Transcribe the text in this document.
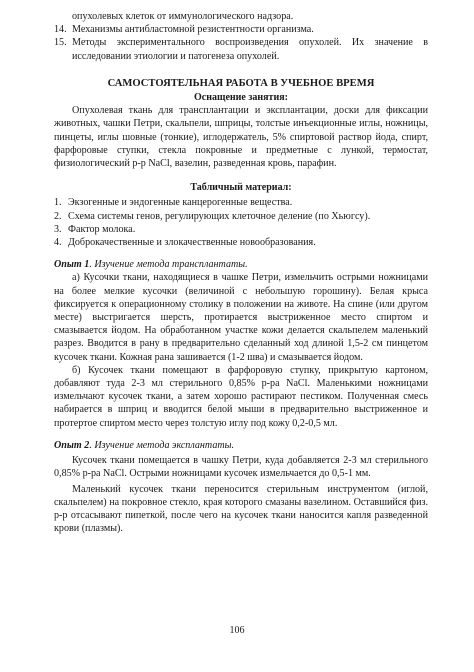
опухолевых клеток от иммунологического надзора.

14. Механизмы антибластомной резистентности организма.
15. Методы экспериментального воспроизведения опухолей. Их значение в исследовании этиологии и патогенеза опухолей.

САМОСТОЯТЕЛЬНАЯ РАБОТА В УЧЕБНОЕ ВРЕМЯ

Оснащение занятия:

Опухолевая ткань для трансплантации и эксплантации, доски для фиксации животных, чашки Петри, скальпели, шприцы, толстые инъекционные иглы, ножницы, пинцеты, иглы шовные (тонкие), иглодержатель, 5% спиртовой раствор йода, спирт, фарфоровые ступки, стекла покровные и предметные с лункой, термостат, физиологический р-р NaCl, вазелин, разведенная кровь, парафин.

Табличный материал:

1. Экзогенные и эндогенные канцерогенные вещества.
2. Схема системы генов, регулирующих клеточное деление (по Хьюгсу).
3. Фактор молока.
4. Доброкачественные и злокачественные новообразования.

Опыт 1. Изучение метода трансплантаты.

а) Кусочки ткани, находящиеся в чашке Петри, измельчить острыми ножницами на более мелкие кусочки (величиной с небольшую горошину). Белая крыса фиксируется к операционному столику в положении на животе. На спине (или другом месте) выстригается шерсть, протирается выстриженное место спиртом и смазывается йодом. На обработанном участке кожи делается скальпелем маленький разрез. Вводится в рану в предварительно сделанный ход длиной 1,5-2 см пинцетом кусочек ткани. Кожная рана зашивается (1-2 шва) и смазывается йодом.

б) Кусочек ткани помещают в фарфоровую ступку, прикрытую картоном, добавляют туда 2-3 мл стерильного 0,85% р-ра NaCl. Маленькими ножницами измельчают кусочек ткани, а затем хорошо растирают пестиком. Полученная смесь набирается в шприц и вводится белой мыши в предварительно выстриженное и протертое спиртом место через толстую иглу под кожу 0,2-0,5 мл.

Опыт 2. Изучение метода эксплантаты.

Кусочек ткани помещается в чашку Петри, куда добавляется 2-3 мл стерильного 0,85% р-ра NaCl. Острыми ножницами кусочек измельчается до 0,5-1 мм.

Маленький кусочек ткани переносится стерильным инструментом (иглой, скальпелем) на покровное стекло, края которого смазаны вазелином. Оставшийся физ. р-р отсасывают пипеткой, после чего на кусочек ткани наносится капля разведенной крови (плазмы).

106
